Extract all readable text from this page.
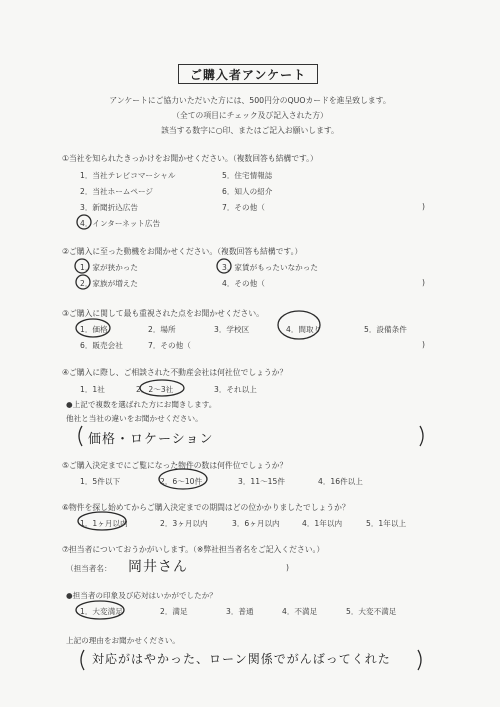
ご購入者アンケート
アンケートにご協力いただいた方には、500円分のQUOカードを進呈致します。
（全ての項目にチェック及び記入された方）
該当する数字に○印、またはご記入お願いします。
①当社を知られたきっかけをお聞かせください。（複数回答も結構です。）
1．当社テレビコマーシャル	5．住宅情報誌
2．当社ホームページ	6．知人の紹介
3．新聞折込広告	7．その他（	)
4．インターネット広告
②ご購入に至った動機をお聞かせください。（複数回答も結構です。）
1．家が狭かった	3．家賃がもったいなかった
2．家族が増えた	4．その他（	)
③ご購入に関して最も重視された点をお聞かせください。
1．価格	2．場所	3．学校区	4．間取り	5．設備条件
6．販売会社	7．その他（	)
④ご購入に際し、ご相談された不動産会社は何社位でしょうか？
1．1社	2．2～3社	3．それ以上
●上記で複数を選ばれた方にお聞きします。
他社と当社の違いをお聞かせください。
価格・ロケーション
⑤ご購入決定までにご覧になった物件の数は何件位でしょうか？
1．5件以下	2．6～10件	3．11～15件	4．16件以上
⑥物件を探し始めてからご購入決定までの期間はどの位かかりましたでしょうか？
1．1ヶ月以内	2．3ヶ月以内	3．6ヶ月以内	4．1年以内	5．1年以上
⑦担当者についておうかがいします。（※弊社担当者名をご記入ください。）
（担当者名： 岡井さん	)
●担当者の印象及び応対はいかがでしたか？
1．大変満足	2．満足	3．普通	4．不満足	5．大変不満足
上記の理由をお聞かせください。
対応がはやかった、ローン関係でがんばってくれた
